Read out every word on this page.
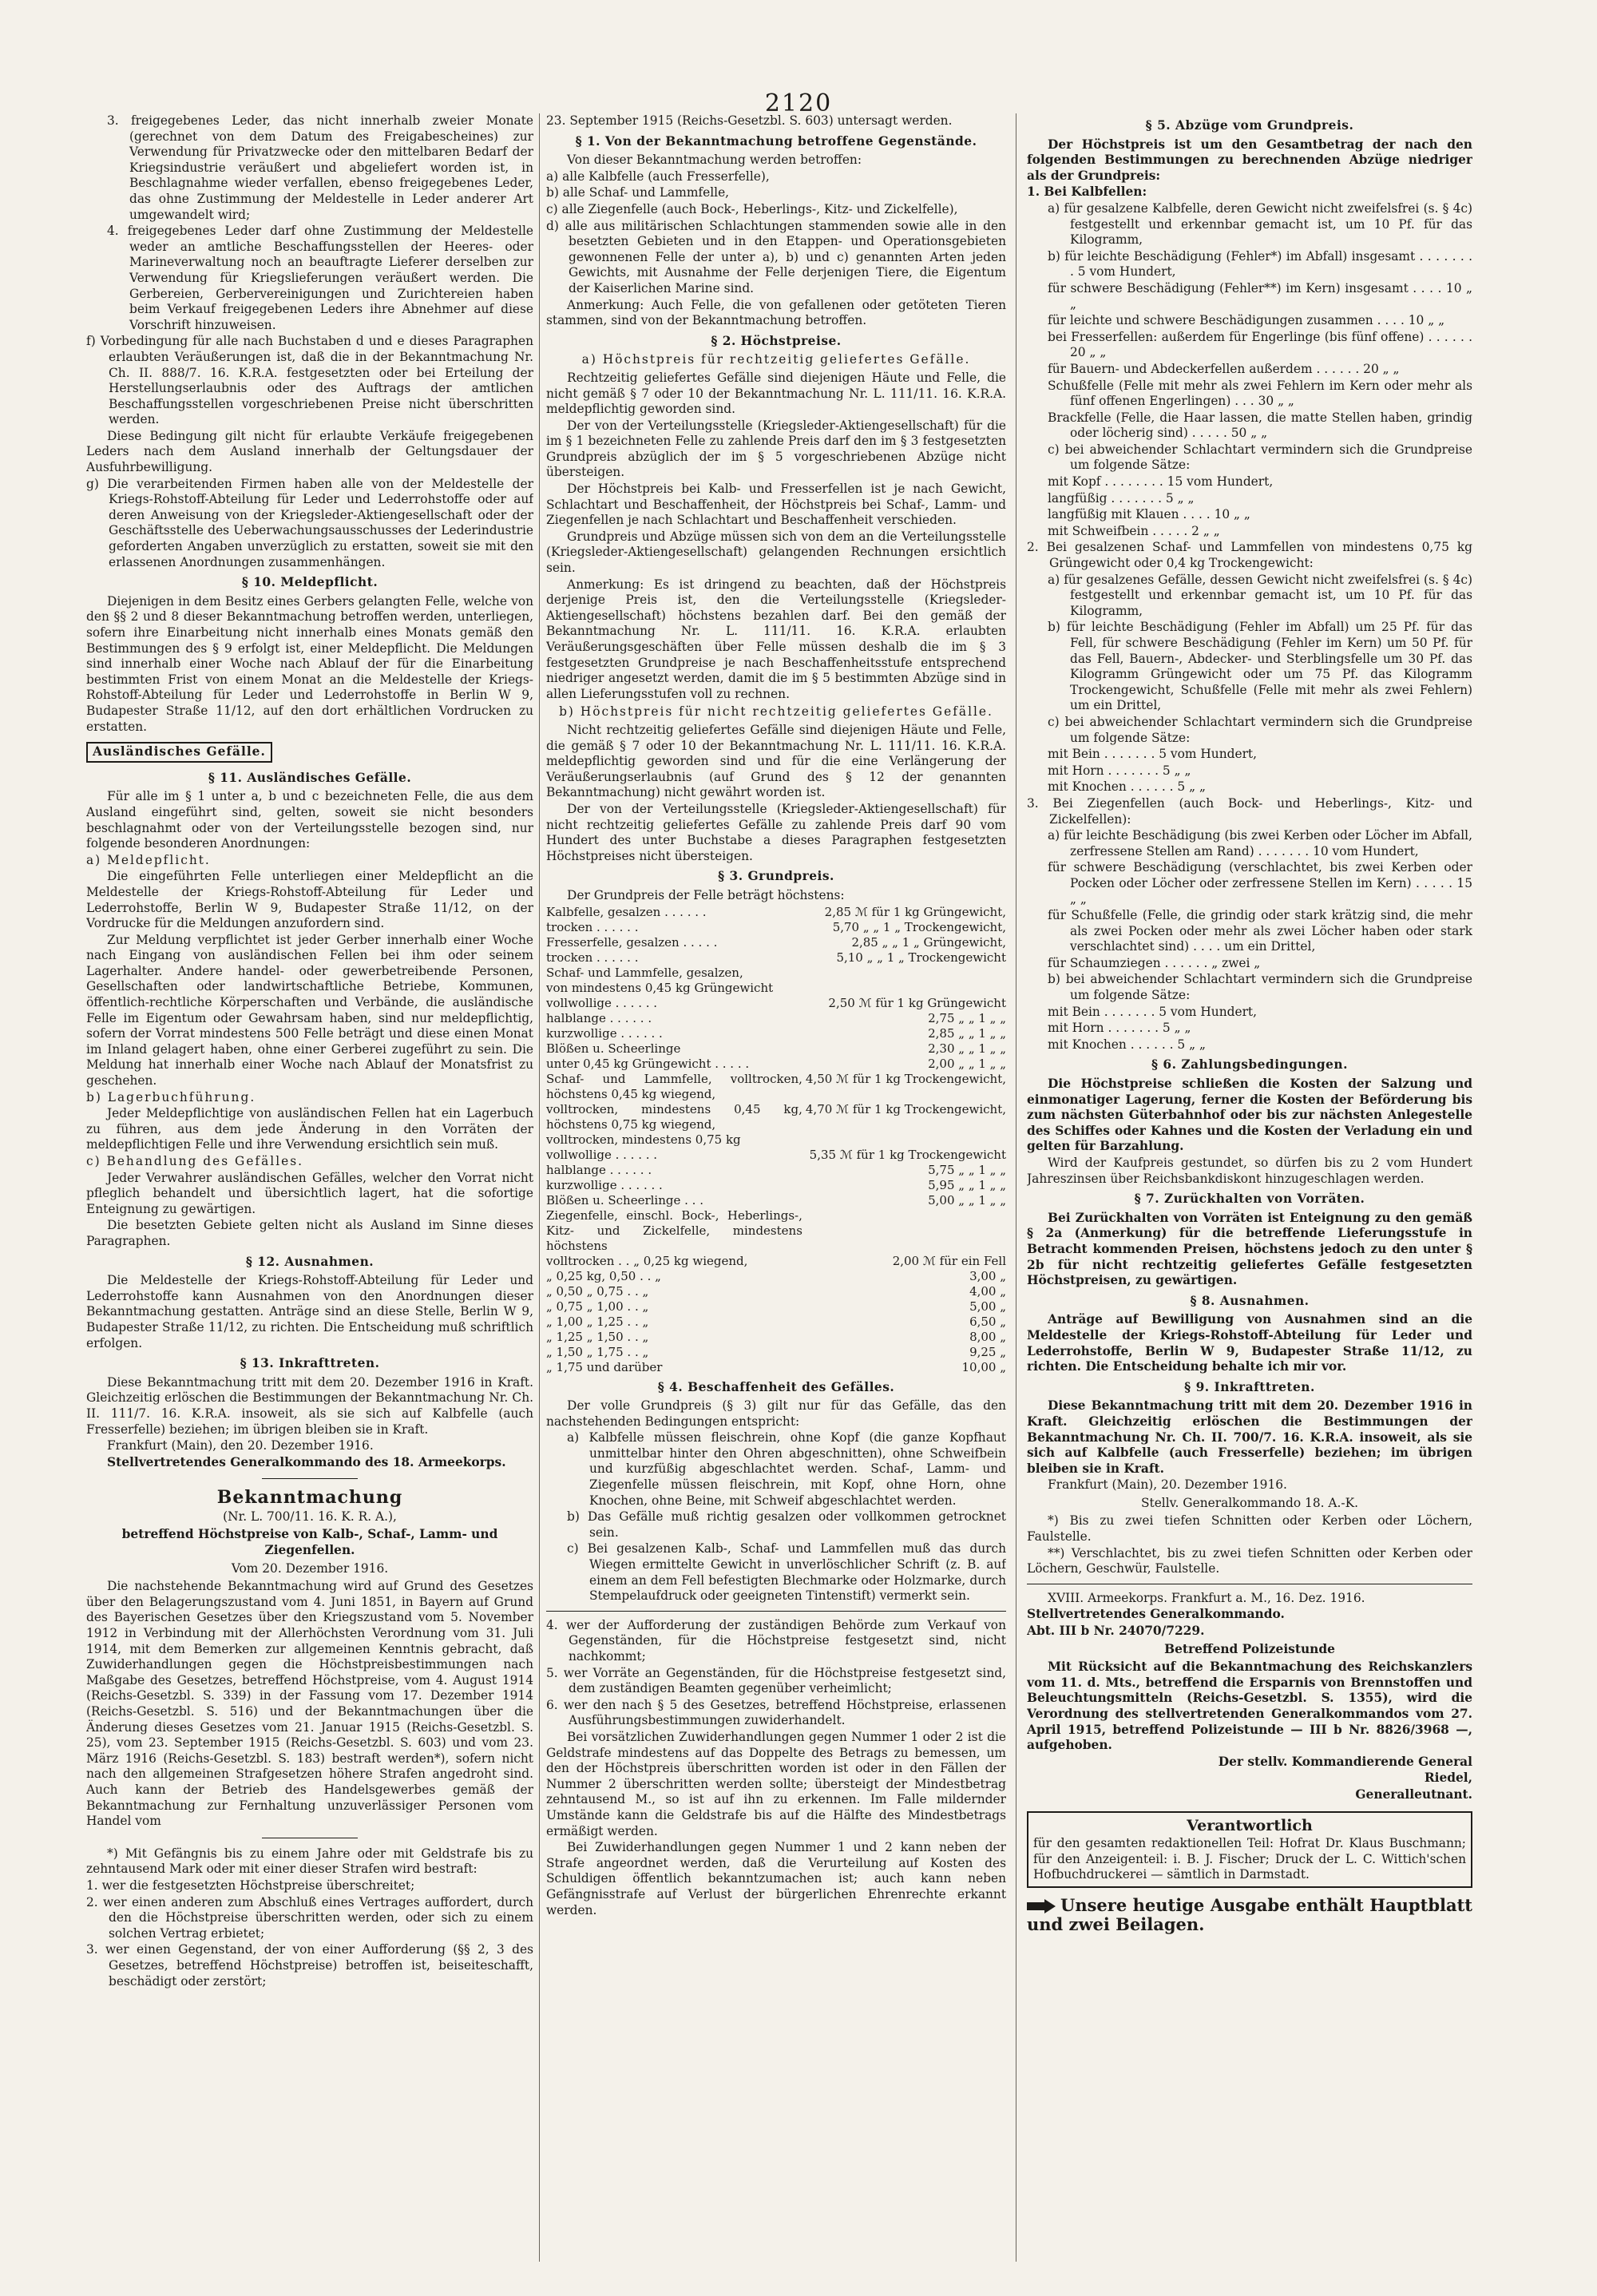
2120

3. freigegebenes Leder, das nicht innerhalb zweier Monate (gerechnet von dem Datum des Freigabescheines) zur Verwendung für Privatzwecke oder den mittelbaren Bedarf der Kriegsindustrie veräußert und abgeliefert worden ist, in Beschlagnahme wieder verfallen, ebenso freigegebenes Leder, das ohne Zustimmung der Meldestelle in Leder anderer Art umgewandelt wird;

4. freigegebenes Leder darf ohne Zustimmung der Meldestelle weder an amtliche Beschaffungsstellen der Heeres- oder Marineverwaltung noch an beauftragte Lieferer derselben zur Verwendung für Kriegslieferungen veräußert werden. Die Gerbereien, Gerbervereinigungen und Zurichtereien haben beim Verkauf freigegebenen Leders ihre Abnehmer auf diese Vorschrift hinzuweisen.

f) Vorbedingung für alle nach Buchstaben d und e dieses Paragraphen erlaubten Veräußerungen ist, daß die in der Bekanntmachung Nr. Ch. II. 888/7. 16. K.R.A. festgesetzten oder bei Erteilung der Herstellungserlaubnis oder des Auftrags der amtlichen Beschaffungsstellen vorgeschriebenen Preise nicht überschritten werden.

Diese Bedingung gilt nicht für erlaubte Verkäufe freigegebenen Leders nach dem Ausland innerhalb der Geltungsdauer der Ausfuhrbewilligung.

g) Die verarbeitenden Firmen haben alle von der Meldestelle der Kriegs-Rohstoff-Abteilung für Leder und Lederrohstoffe oder auf deren Anweisung von der Kriegsleder-Aktiengesellschaft oder der Geschäftsstelle des Ueberwachungsausschusses der Lederindustrie geforderten Angaben unverzüglich zu erstatten, soweit sie mit den erlassenen Anordnungen zusammenhängen.

§ 10. Meldepflicht.

Diejenigen in dem Besitz eines Gerbers gelangten Felle, welche von den §§ 2 und 8 dieser Bekanntmachung betroffen werden, unterliegen, sofern ihre Einarbeitung nicht innerhalb eines Monats gemäß den Bestimmungen des § 9 erfolgt ist, einer Meldepflicht. Die Meldungen sind innerhalb einer Woche nach Ablauf der für die Einarbeitung bestimmten Frist von einem Monat an die Meldestelle der Kriegs-Rohstoff-Abteilung für Leder und Lederrohstoffe in Berlin W 9, Budapester Straße 11/12, auf den dort erhältlichen Vordrucken zu erstatten.

Ausländisches Gefälle.

§ 11. Ausländisches Gefälle.

Für alle im § 1 unter a, b und c bezeichneten Felle, die aus dem Ausland eingeführt sind, gelten, soweit sie nicht besonders beschlagnahmt oder von der Verteilungsstelle bezogen sind, nur folgende besonderen Anordnungen:

a) Meldepflicht.

Die eingeführten Felle unterliegen einer Meldepflicht an die Meldestelle der Kriegs-Rohstoff-Abteilung für Leder und Lederrohstoffe, Berlin W 9, Budapester Straße 11/12, on der Vordrucke für die Meldungen anzufordern sind.

Zur Meldung verpflichtet ist jeder Gerber innerhalb einer Woche nach Eingang von ausländischen Fellen bei ihm oder seinem Lagerhalter. Andere handel- oder gewerbetreibende Personen, Gesellschaften oder landwirtschaftliche Betriebe, Kommunen, öffentlich-rechtliche Körperschaften und Verbände, die ausländische Felle im Eigentum oder Gewahrsam haben, sind nur meldepflichtig, sofern der Vorrat mindestens 500 Felle beträgt und diese einen Monat im Inland gelagert haben, ohne einer Gerberei zugeführt zu sein. Die Meldung hat innerhalb einer Woche nach Ablauf der Monatsfrist zu geschehen.

b) Lagerbuchführung.

Jeder Meldepflichtige von ausländischen Fellen hat ein Lagerbuch zu führen, aus dem jede Änderung in den Vorräten der meldepflichtigen Felle und ihre Verwendung ersichtlich sein muß.

c) Behandlung des Gefälles.

Jeder Verwahrer ausländischen Gefälles, welcher den Vorrat nicht pfleglich behandelt und übersichtlich lagert, hat die sofortige Enteignung zu gewärtigen.

Die besetzten Gebiete gelten nicht als Ausland im Sinne dieses Paragraphen.

§ 12. Ausnahmen.

Die Meldestelle der Kriegs-Rohstoff-Abteilung für Leder und Lederrohstoffe kann Ausnahmen von den Anordnungen dieser Bekanntmachung gestatten. Anträge sind an diese Stelle, Berlin W 9, Budapester Straße 11/12, zu richten. Die Entscheidung muß schriftlich erfolgen.

§ 13. Inkrafttreten.

Diese Bekanntmachung tritt mit dem 20. Dezember 1916 in Kraft. Gleichzeitig erlöschen die Bestimmungen der Bekanntmachung Nr. Ch. II. 111/7. 16. K.R.A. insoweit, als sie sich auf Kalbfelle (auch Fresserfelle) beziehen; im übrigen bleiben sie in Kraft.

Frankfurt (Main), den 20. Dezember 1916.

Stellvertretendes Generalkommando des 18. Armeekorps.

Bekanntmachung

(Nr. L. 700/11. 16. K. R. A.),

betreffend Höchstpreise von Kalb-, Schaf-, Lamm- und Ziegenfellen.

Vom 20. Dezember 1916.

Die nachstehende Bekanntmachung wird auf Grund des Gesetzes über den Belagerungszustand vom 4. Juni 1851, in Bayern auf Grund des Bayerischen Gesetzes über den Kriegszustand vom 5. November 1912 in Verbindung mit der Allerhöchsten Verordnung vom 31. Juli 1914, mit dem Bemerken zur allgemeinen Kenntnis gebracht, daß Zuwiderhandlungen gegen die Höchstpreisbestimmungen nach Maßgabe des Gesetzes, betreffend Höchstpreise, vom 4. August 1914 (Reichs-Gesetzbl. S. 339) in der Fassung vom 17. Dezember 1914 (Reichs-Gesetzbl. S. 516) und der Bekanntmachungen über die Änderung dieses Gesetzes vom 21. Januar 1915 (Reichs-Gesetzbl. S. 25), vom 23. September 1915 (Reichs-Gesetzbl. S. 603) und vom 23. März 1916 (Reichs-Gesetzbl. S. 183) bestraft werden*), sofern nicht nach den allgemeinen Strafgesetzen höhere Strafen angedroht sind. Auch kann der Betrieb des Handelsgewerbes gemäß der Bekanntmachung zur Fernhaltung unzuverlässiger Personen vom Handel vom

*) Mit Gefängnis bis zu einem Jahre oder mit Geldstrafe bis zu zehntausend Mark oder mit einer dieser Strafen wird bestraft:

1. wer die festgesetzten Höchstpreise überschreitet;

2. wer einen anderen zum Abschluß eines Vertrages auffordert, durch den die Höchstpreise überschritten werden, oder sich zu einem solchen Vertrag erbietet;

3. wer einen Gegenstand, der von einer Aufforderung (§§ 2, 3 des Gesetzes, betreffend Höchstpreise) betroffen ist, beiseiteschafft, beschädigt oder zerstört;

23. September 1915 (Reichs-Gesetzbl. S. 603) untersagt werden.

§ 1. Von der Bekanntmachung betroffene Gegenstände.

Von dieser Bekanntmachung werden betroffen:

a) alle Kalbfelle (auch Fresserfelle),

b) alle Schaf- und Lammfelle,

c) alle Ziegenfelle (auch Bock-, Heberlings-, Kitz- und Zickelfelle),

d) alle aus militärischen Schlachtungen stammenden sowie alle in den besetzten Gebieten und in den Etappen- und Operationsgebieten gewonnenen Felle der unter a), b) und c) genannten Arten jeden Gewichts, mit Ausnahme der Felle derjenigen Tiere, die Eigentum der Kaiserlichen Marine sind.

Anmerkung: Auch Felle, die von gefallenen oder getöteten Tieren stammen, sind von der Bekanntmachung betroffen.

§ 2. Höchstpreise.

a) Höchstpreis für rechtzeitig geliefertes Gefälle.

Rechtzeitig geliefertes Gefälle sind diejenigen Häute und Felle, die nicht gemäß § 7 oder 10 der Bekanntmachung Nr. L. 111/11. 16. K.R.A. meldepflichtig geworden sind.

Der von der Verteilungsstelle (Kriegsleder-Aktiengesellschaft) für die im § 1 bezeichneten Felle zu zahlende Preis darf den im § 3 festgesetzten Grundpreis abzüglich der im § 5 vorgeschriebenen Abzüge nicht übersteigen.

Der Höchstpreis bei Kalb- und Fresserfellen ist je nach Gewicht, Schlachtart und Beschaffenheit, der Höchstpreis bei Schaf-, Lamm- und Ziegenfellen je nach Schlachtart und Beschaffenheit verschieden.

Grundpreis und Abzüge müssen sich von dem an die Verteilungsstelle (Kriegsleder-Aktiengesellschaft) gelangenden Rechnungen ersichtlich sein.

Anmerkung: Es ist dringend zu beachten, daß der Höchstpreis derjenige Preis ist, den die Verteilungsstelle (Kriegsleder-Aktiengesellschaft) höchstens bezahlen darf. Bei den gemäß der Bekanntmachung Nr. L. 111/11. 16. K.R.A. erlaubten Veräußerungsgeschäften über Felle müssen deshalb die im § 3 festgesetzten Grundpreise je nach Beschaffenheitsstufe entsprechend niedriger angesetzt werden, damit die im § 5 bestimmten Abzüge sind in allen Lieferungsstufen voll zu rechnen.

b) Höchstpreis für nicht rechtzeitig geliefertes Gefälle.

Nicht rechtzeitig geliefertes Gefälle sind diejenigen Häute und Felle, die gemäß § 7 oder 10 der Bekanntmachung Nr. L. 111/11. 16. K.R.A. meldepflichtig geworden sind und für die eine Verlängerung der Veräußerungserlaubnis (auf Grund des § 12 der genannten Bekanntmachung) nicht gewährt worden ist.

Der von der Verteilungsstelle (Kriegsleder-Aktiengesellschaft) für nicht rechtzeitig geliefertes Gefälle zu zahlende Preis darf 90 vom Hundert des unter Buchstabe a dieses Paragraphen festgesetzten Höchstpreises nicht übersteigen.

§ 3. Grundpreis.

Der Grundpreis der Felle beträgt höchstens:

Kalbfelle, gesalzen . . . . . .	2,85 ℳ für 1 kg Grüngewicht,
trocken . . . . . .	5,70 „ „ 1 „ Trockengewicht,
Fresserfelle, gesalzen . . . . .	2,85 „ „ 1 „ Grüngewicht,
trocken . . . . . .	5,10 „ „ 1 „ Trockengewicht
Schaf- und Lammfelle, gesalzen,	
von mindestens 0,45 kg Grüngewicht	
vollwollige . . . . . .	2,50 ℳ für 1 kg Grüngewicht
halblange . . . . . .	2,75 „ „ 1 „ „
kurzwollige . . . . . .	2,85 „ „ 1 „ „
Blößen u. Scheerlinge	2,30 „ „ 1 „ „
unter 0,45 kg Grüngewicht . . . . .	2,00 „ „ 1 „ „
Schaf- und Lammfelle, volltrocken, höchstens 0,45 kg wiegend,	4,50 ℳ für 1 kg Trockengewicht,
volltrocken, mindestens 0,45 kg, höchstens 0,75 kg wiegend,	4,70 ℳ für 1 kg Trockengewicht,
volltrocken, mindestens 0,75 kg	
vollwollige . . . . . .	5,35 ℳ für 1 kg Trockengewicht
halblange . . . . . .	5,75 „ „ 1 „ „
kurzwollige . . . . . .	5,95 „ „ 1 „ „
Blößen u. Scheerlinge . . .	5,00 „ „ 1 „ „
Ziegenfelle, einschl. Bock-, Heberlings-, Kitz- und Zickelfelle, mindestens höchstens	
volltrocken . . „ 0,25 kg wiegend,	2,00 ℳ für ein Fell
„ 0,25 kg, 0,50 . . „	3,00 „
„ 0,50 „ 0,75 . . „	4,00 „
„ 0,75 „ 1,00 . . „	5,00 „
„ 1,00 „ 1,25 . . „	6,50 „
„ 1,25 „ 1,50 . . „	8,00 „
„ 1,50 „ 1,75 . . „	9,25 „
„ 1,75 und darüber	10,00 „

§ 4. Beschaffenheit des Gefälles.

Der volle Grundpreis (§ 3) gilt nur für das Gefälle, das den nachstehenden Bedingungen entspricht:

a) Kalbfelle müssen fleischrein, ohne Kopf (die ganze Kopfhaut unmittelbar hinter den Ohren abgeschnitten), ohne Schweifbein und kurzfüßig abgeschlachtet werden. Schaf-, Lamm- und Ziegenfelle müssen fleischrein, mit Kopf, ohne Horn, ohne Knochen, ohne Beine, mit Schweif abgeschlachtet werden.

b) Das Gefälle muß richtig gesalzen oder vollkommen getrocknet sein.

c) Bei gesalzenen Kalb-, Schaf- und Lammfellen muß das durch Wiegen ermittelte Gewicht in unverlöschlicher Schrift (z. B. auf einem an dem Fell befestigten Blechmarke oder Holzmarke, durch Stempelaufdruck oder geeigneten Tintenstift) vermerkt sein.

4. wer der Aufforderung der zuständigen Behörde zum Verkauf von Gegenständen, für die Höchstpreise festgesetzt sind, nicht nachkommt;

5. wer Vorräte an Gegenständen, für die Höchstpreise festgesetzt sind, dem zuständigen Beamten gegenüber verheimlicht;

6. wer den nach § 5 des Gesetzes, betreffend Höchstpreise, erlassenen Ausführungsbestimmungen zuwiderhandelt.

Bei vorsätzlichen Zuwiderhandlungen gegen Nummer 1 oder 2 ist die Geldstrafe mindestens auf das Doppelte des Betrags zu bemessen, um den der Höchstpreis überschritten worden ist oder in den Fällen der Nummer 2 überschritten werden sollte; übersteigt der Mindestbetrag zehntausend M., so ist auf ihn zu erkennen. Im Falle mildernder Umstände kann die Geldstrafe bis auf die Hälfte des Mindestbetrags ermäßigt werden.

Bei Zuwiderhandlungen gegen Nummer 1 und 2 kann neben der Strafe angeordnet werden, daß die Verurteilung auf Kosten des Schuldigen öffentlich bekanntzumachen ist; auch kann neben Gefängnisstrafe auf Verlust der bürgerlichen Ehrenrechte erkannt werden.

§ 5. Abzüge vom Grundpreis.

Der Höchstpreis ist um den Gesamtbetrag der nach den folgenden Bestimmungen zu berechnenden Abzüge niedriger als der Grundpreis:

1. Bei Kalbfellen:

a) für gesalzene Kalbfelle, deren Gewicht nicht zweifelsfrei (s. § 4c) festgestellt und erkennbar gemacht ist, um 10 Pf. für das Kilogramm,

b) für leichte Beschädigung (Fehler*) im Abfall) insgesamt . . . . . . . . 5 vom Hundert,

für schwere Beschädigung (Fehler**) im Kern) insgesamt . . . . 10 „ „

für leichte und schwere Beschädigungen zusammen . . . . 10 „ „

bei Fresserfellen: außerdem für Engerlinge (bis fünf offene) . . . . . . 20 „ „

für Bauern- und Abdeckerfellen außerdem . . . . . . 20 „ „

Schußfelle (Felle mit mehr als zwei Fehlern im Kern oder mehr als fünf offenen Engerlingen) . . . 30 „ „

Brackfelle (Felle, die Haar lassen, die matte Stellen haben, grindig oder löcherig sind) . . . . . 50 „ „

c) bei abweichender Schlachtart vermindern sich die Grundpreise um folgende Sätze:

mit Kopf . . . . . . . . 15 vom Hundert,

langfüßig . . . . . . . 5 „ „

langfüßig mit Klauen . . . . 10 „ „

mit Schweifbein . . . . . 2 „ „

2. Bei gesalzenen Schaf- und Lammfellen von mindestens 0,75 kg Grüngewicht oder 0,4 kg Trockengewicht:

a) für gesalzenes Gefälle, dessen Gewicht nicht zweifelsfrei (s. § 4c) festgestellt und erkennbar gemacht ist, um 10 Pf. für das Kilogramm,

b) für leichte Beschädigung (Fehler im Abfall) um 25 Pf. für das Fell, für schwere Beschädigung (Fehler im Kern) um 50 Pf. für das Fell, Bauern-, Abdecker- und Sterblingsfelle um 30 Pf. das Kilogramm Grüngewicht oder um 75 Pf. das Kilogramm Trockengewicht, Schußfelle (Felle mit mehr als zwei Fehlern) um ein Drittel,

c) bei abweichender Schlachtart vermindern sich die Grundpreise um folgende Sätze:

mit Bein . . . . . . . 5 vom Hundert,

mit Horn . . . . . . . 5 „ „

mit Knochen . . . . . . 5 „ „

3. Bei Ziegenfellen (auch Bock- und Heberlings-, Kitz- und Zickelfellen):

a) für leichte Beschädigung (bis zwei Kerben oder Löcher im Abfall, zerfressene Stellen am Rand) . . . . . . . 10 vom Hundert,

für schwere Beschädigung (verschlachtet, bis zwei Kerben oder Pocken oder Löcher oder zerfressene Stellen im Kern) . . . . . 15 „ „

für Schußfelle (Felle, die grindig oder stark krätzig sind, die mehr als zwei Pocken oder mehr als zwei Löcher haben oder stark verschlachtet sind) . . . . um ein Drittel,

für Schaumziegen . . . . . . „ zwei „

b) bei abweichender Schlachtart vermindern sich die Grundpreise um folgende Sätze:

mit Bein . . . . . . . 5 vom Hundert,

mit Horn . . . . . . . 5 „ „

mit Knochen . . . . . . 5 „ „

§ 6. Zahlungsbedingungen.

Die Höchstpreise schließen die Kosten der Salzung und einmonatiger Lagerung, ferner die Kosten der Beförderung bis zum nächsten Güterbahnhof oder bis zur nächsten Anlegestelle des Schiffes oder Kahnes und die Kosten der Verladung ein und gelten für Barzahlung.

Wird der Kaufpreis gestundet, so dürfen bis zu 2 vom Hundert Jahreszinsen über Reichsbankdiskont hinzugeschlagen werden.

§ 7. Zurückhalten von Vorräten.

Bei Zurückhalten von Vorräten ist Enteignung zu den gemäß § 2a (Anmerkung) für die betreffende Lieferungsstufe in Betracht kommenden Preisen, höchstens jedoch zu den unter § 2b für nicht rechtzeitig geliefertes Gefälle festgesetzten Höchstpreisen, zu gewärtigen.

§ 8. Ausnahmen.

Anträge auf Bewilligung von Ausnahmen sind an die Meldestelle der Kriegs-Rohstoff-Abteilung für Leder und Lederrohstoffe, Berlin W 9, Budapester Straße 11/12, zu richten. Die Entscheidung behalte ich mir vor.

§ 9. Inkrafttreten.

Diese Bekanntmachung tritt mit dem 20. Dezember 1916 in Kraft. Gleichzeitig erlöschen die Bestimmungen der Bekanntmachung Nr. Ch. II. 700/7. 16. K.R.A. insoweit, als sie sich auf Kalbfelle (auch Fresserfelle) beziehen; im übrigen bleiben sie in Kraft.

Frankfurt (Main), 20. Dezember 1916.

Stellv. Generalkommando 18. A.-K.

*) Bis zu zwei tiefen Schnitten oder Kerben oder Löchern, Faulstelle.

**) Verschlachtet, bis zu zwei tiefen Schnitten oder Kerben oder Löchern, Geschwür, Faulstelle.

XVIII. Armeekorps. Frankfurt a. M., 16. Dez. 1916.

Stellvertretendes Generalkommando.

Abt. III b Nr. 24070/7229.

Betreffend Polizeistunde

Mit Rücksicht auf die Bekanntmachung des Reichskanzlers vom 11. d. Mts., betreffend die Ersparnis von Brennstoffen und Beleuchtungsmitteln (Reichs-Gesetzbl. S. 1355), wird die Verordnung des stellvertretenden Generalkommandos vom 27. April 1915, betreffend Polizeistunde — III b Nr. 8826/3968 —, aufgehoben.

Der stellv. Kommandierende General

Riedel,

Generalleutnant.

Verantwortlich
für den gesamten redaktionellen Teil: Hofrat Dr. Klaus Buschmann; für den Anzeigenteil: i. B. J. Fischer; Druck der L. C. Wittich'schen Hofbuchdruckerei — sämtlich in Darmstadt.
Unsere heutige Ausgabe enthält Hauptblatt und zwei Beilagen.
